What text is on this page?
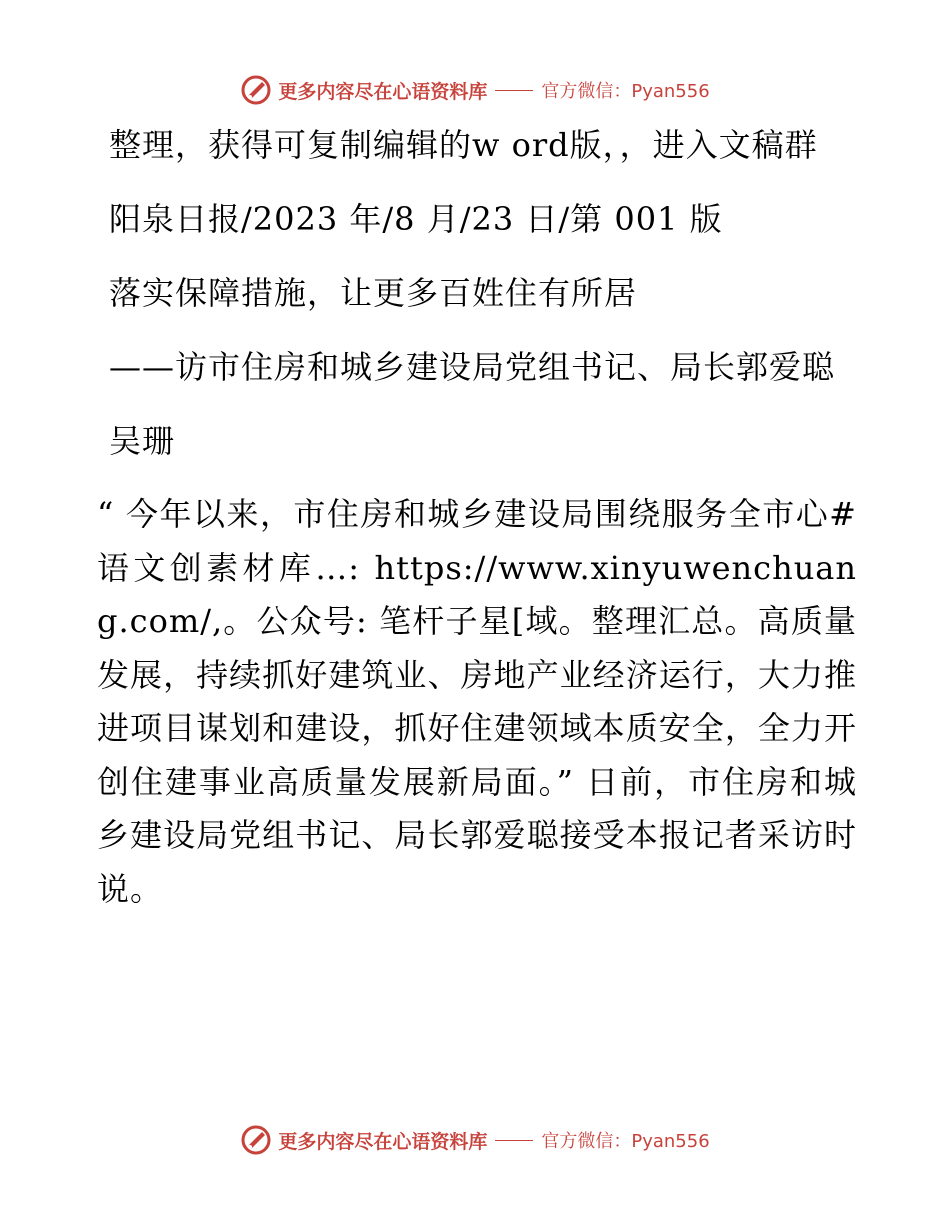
更多内容尽在心语资料库	官方微信：Pyan556

整理，获得可复制编辑的w ord版，，进入文稿群

阳泉日报/2023 年/8 月/23 日/第 001 版

落实保障措施，让更多百姓住有所居

——访市住房和城乡建设局党组书记、局长郭爱聪

吴珊

“ 今年以来，市住房和城乡建设局围绕服务全市心#语文创素材库…: https://www.xinyuwenchuang.com/,。公众号: 笔杆子星[域。整理汇总。高质量发展，持续抓好建筑业、房地产业经济运行，大力推进项目谋划和建设，抓好住建领域本质安全，全力开创住建事业高质量发展新局面。” 日前，市住房和城乡建设局党组书记、局长郭爱聪接受本报记者采访时说。

更多内容尽在心语资料库	官方微信：Pyan556
